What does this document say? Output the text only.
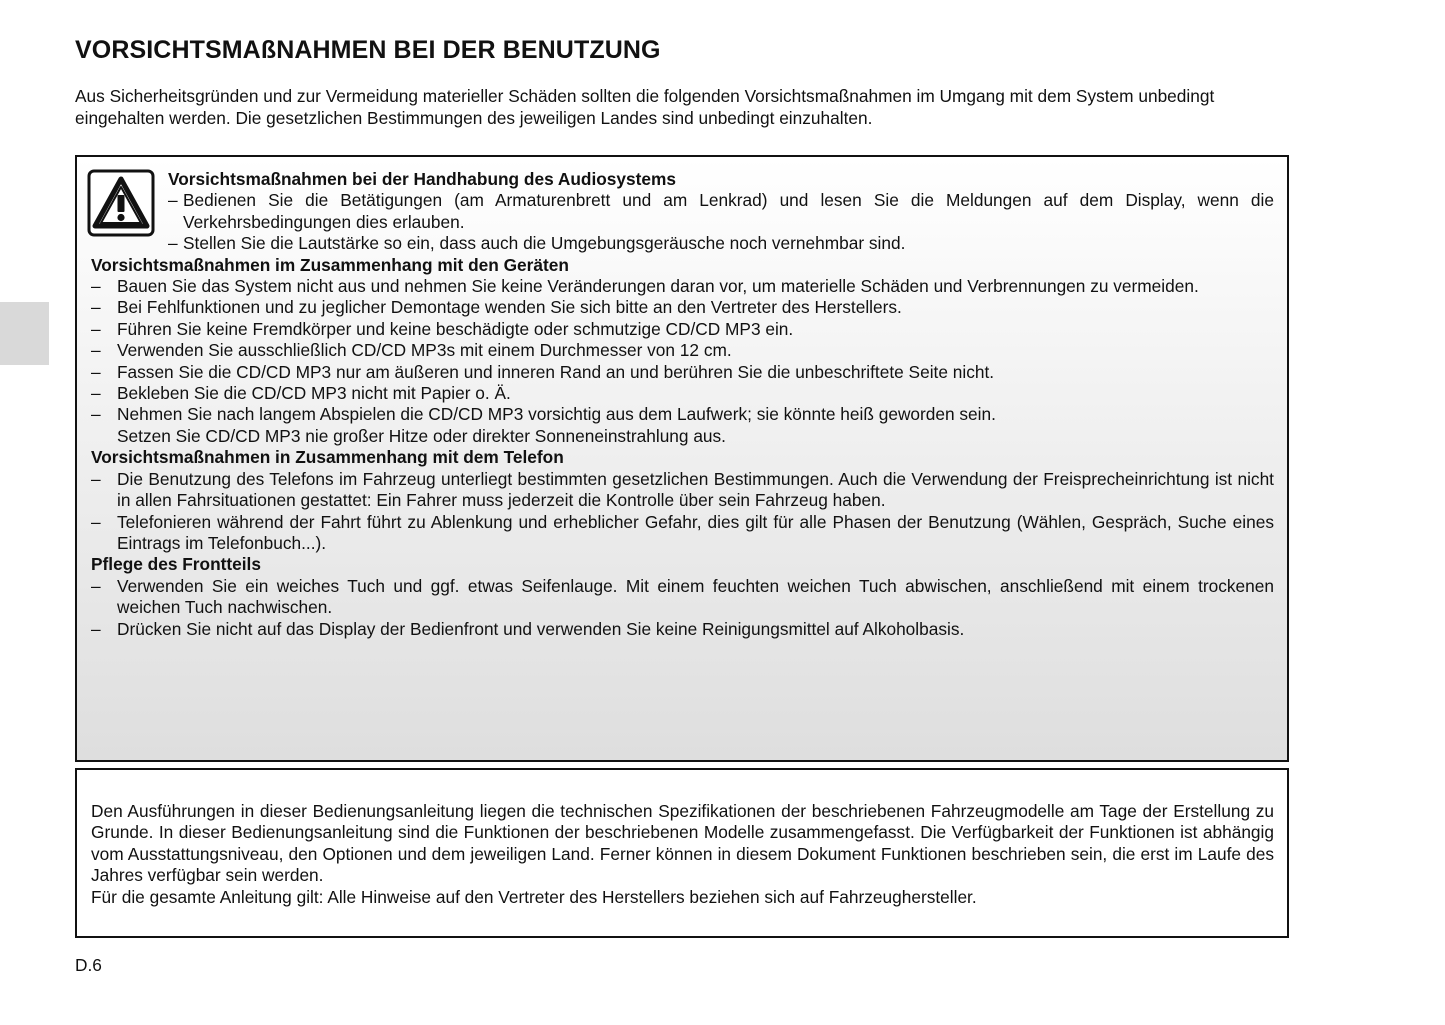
VORSICHTSMAßNAHMEN BEI DER BENUTZUNG

Aus Sicherheitsgründen und zur Vermeidung materieller Schäden sollten die folgenden Vorsichtsmaßnahmen im Umgang mit dem System unbedingt eingehalten werden. Die gesetzlichen Bestimmungen des jeweiligen Landes sind unbedingt einzuhalten.

Vorsichtsmaßnahmen bei der Handhabung des Audiosystems
– Bedienen Sie die Betätigungen (am Armaturenbrett und am Lenkrad) und lesen Sie die Meldungen auf dem Display, wenn die Verkehrsbedingungen dies erlauben.
– Stellen Sie die Lautstärke so ein, dass auch die Umgebungsgeräusche noch vernehmbar sind.
Vorsichtsmaßnahmen im Zusammenhang mit den Geräten
– Bauen Sie das System nicht aus und nehmen Sie keine Veränderungen daran vor, um materielle Schäden und Verbrennungen zu vermeiden.
– Bei Fehlfunktionen und zu jeglicher Demontage wenden Sie sich bitte an den Vertreter des Herstellers.
– Führen Sie keine Fremdkörper und keine beschädigte oder schmutzige CD/CD MP3 ein.
– Verwenden Sie ausschließlich CD/CD MP3s mit einem Durchmesser von 12 cm.
– Fassen Sie die CD/CD MP3 nur am äußeren und inneren Rand an und berühren Sie die unbeschriftete Seite nicht.
– Bekleben Sie die CD/CD MP3 nicht mit Papier o. Ä.
– Nehmen Sie nach langem Abspielen die CD/CD MP3 vorsichtig aus dem Laufwerk; sie könnte heiß geworden sein.
Setzen Sie CD/CD MP3 nie großer Hitze oder direkter Sonneneinstrahlung aus.
Vorsichtsmaßnahmen in Zusammenhang mit dem Telefon
– Die Benutzung des Telefons im Fahrzeug unterliegt bestimmten gesetzlichen Bestimmungen. Auch die Verwendung der Freisprecheinrichtung ist nicht in allen Fahrsituationen gestattet: Ein Fahrer muss jederzeit die Kontrolle über sein Fahrzeug haben.
– Telefonieren während der Fahrt führt zu Ablenkung und erheblicher Gefahr, dies gilt für alle Phasen der Benutzung (Wählen, Gespräch, Suche eines Eintrags im Telefonbuch...).
Pflege des Frontteils
– Verwenden Sie ein weiches Tuch und ggf. etwas Seifenlauge. Mit einem feuchten weichen Tuch abwischen, anschließend mit einem trockenen weichen Tuch nachwischen.
– Drücken Sie nicht auf das Display der Bedienfront und verwenden Sie keine Reinigungsmittel auf Alkoholbasis.

Den Ausführungen in dieser Bedienungsanleitung liegen die technischen Spezifikationen der beschriebenen Fahrzeugmodelle am Tage der Erstellung zu Grunde. In dieser Bedienungsanleitung sind die Funktionen der beschriebenen Modelle zusammengefasst. Die Verfügbarkeit der Funktionen ist abhängig vom Ausstattungsniveau, den Optionen und dem jeweiligen Land. Ferner können in diesem Dokument Funktionen beschrieben sein, die erst im Laufe des Jahres verfügbar sein werden.

Für die gesamte Anleitung gilt: Alle Hinweise auf den Vertreter des Herstellers beziehen sich auf Fahrzeughersteller.

D.6
